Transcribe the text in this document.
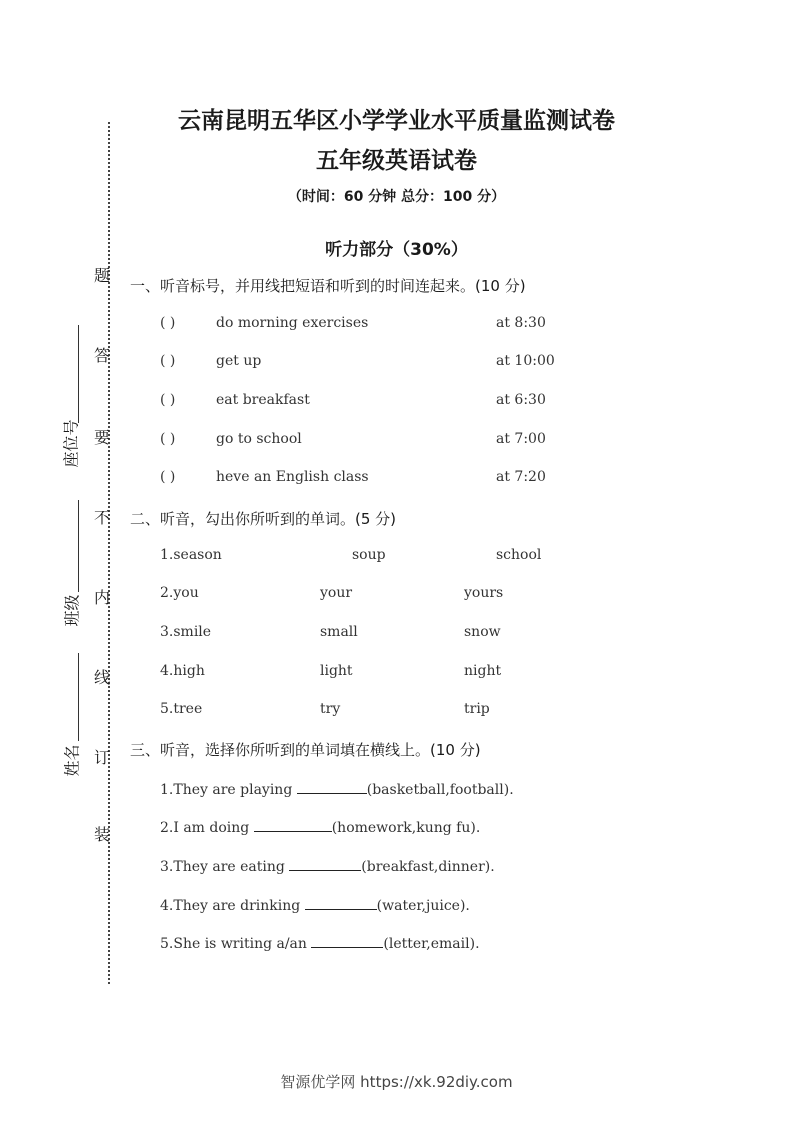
云南昆明五华区小学学业水平质量监测试卷
五年级英语试卷
（时间：60 分钟 总分：100 分）
听力部分（30%）
题
答
要
不
内
线
订
装
座位号
班级
姓名
一、听音标号，并用线把短语和听到的时间连起来。(10 分)
( )	do morning exercises	at 8:30
( )	get up	at 10:00
( )	eat breakfast	at 6:30
( )	go to school	at 7:00
( )	heve an English class	at 7:20
二、听音，勾出你所听到的单词。(5 分)
1.season	soup	school
2.you	your	yours
3.smile	small	snow
4.high	light	night
5.tree	try	trip
三、听音，选择你所听到的单词填在横线上。(10 分)
1.They are playing	(basketball,football).
2.I am doing	(homework,kung fu).
3.They are eating	(breakfast,dinner).
4.They are drinking	(water,juice).
5.She is writing a/an	(letter,email).
智源优学网 https://xk.92diy.com
